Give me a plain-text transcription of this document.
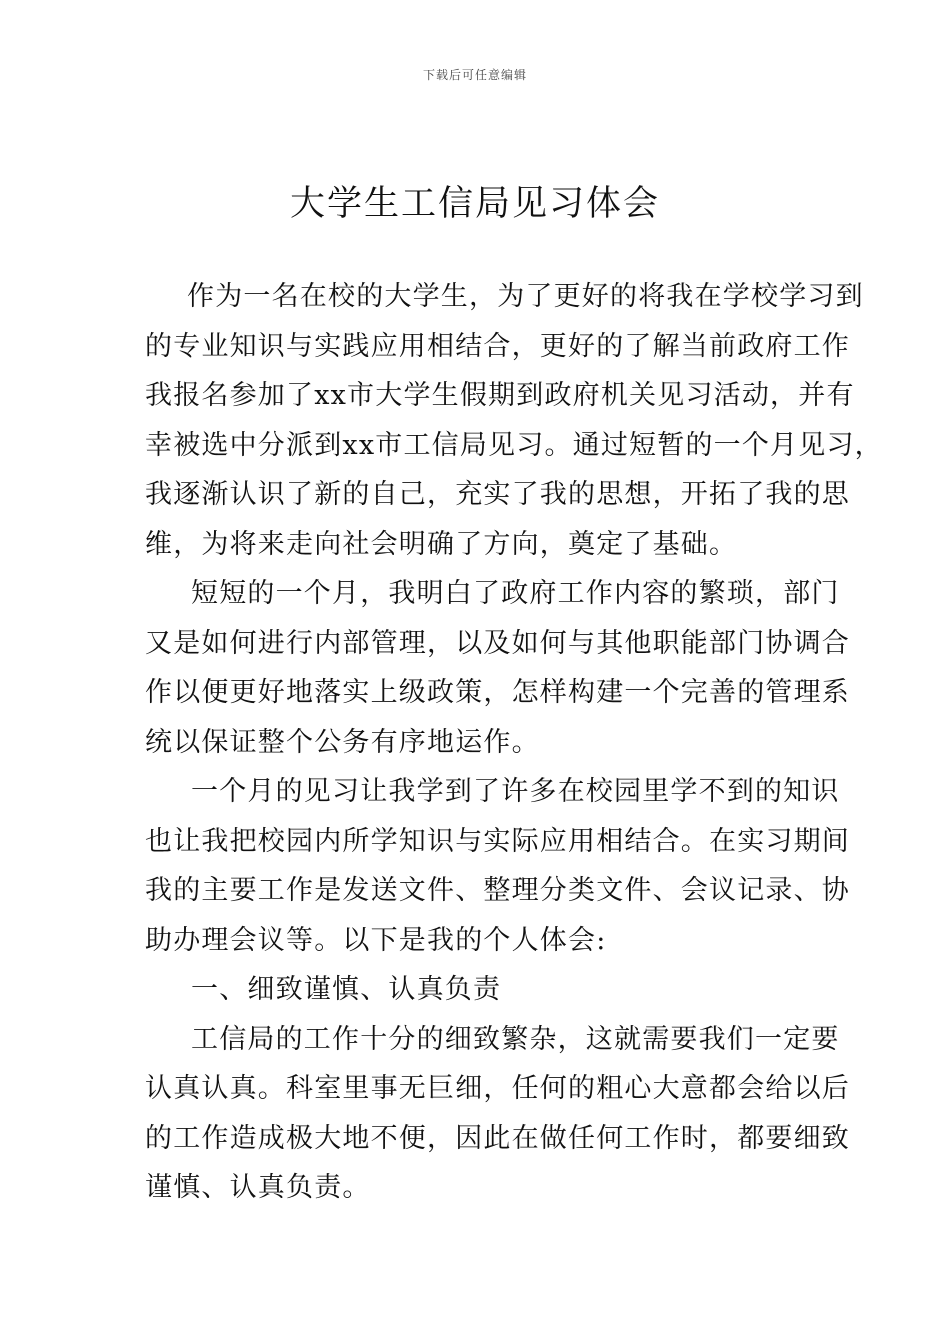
下载后可任意编辑
大学生工信局见习体会
作为一名在校的大学生，为了更好的将我在学校学习到
的专业知识与实践应用相结合，更好的了解当前政府工作
我报名参加了xx市大学生假期到政府机关见习活动，并有
幸被选中分派到xx市工信局见习。通过短暂的一个月见习，
我逐渐认识了新的自己，充实了我的思想，开拓了我的思
维，为将来走向社会明确了方向，奠定了基础。
短短的一个月，我明白了政府工作内容的繁琐，部门
又是如何进行内部管理，以及如何与其他职能部门协调合
作以便更好地落实上级政策，怎样构建一个完善的管理系
统以保证整个公务有序地运作。
一个月的见习让我学到了许多在校园里学不到的知识
也让我把校园内所学知识与实际应用相结合。在实习期间
我的主要工作是发送文件、整理分类文件、会议记录、协
助办理会议等。以下是我的个人体会:
一、细致谨慎、认真负责
工信局的工作十分的细致繁杂，这就需要我们一定要
认真认真。科室里事无巨细，任何的粗心大意都会给以后
的工作造成极大地不便，因此在做任何工作时，都要细致
谨慎、认真负责。
